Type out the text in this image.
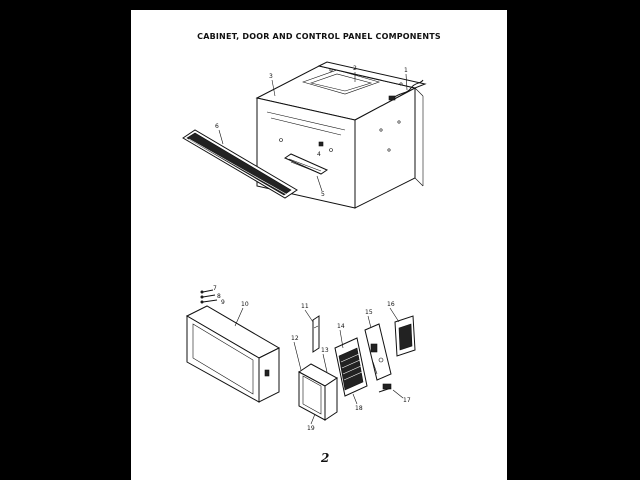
CABINET, DOOR AND CONTROL PANEL COMPONENTS
1
2
3
4
5
6
7
8
9	10	11
12
13
19
14
18
15
16
17
2
